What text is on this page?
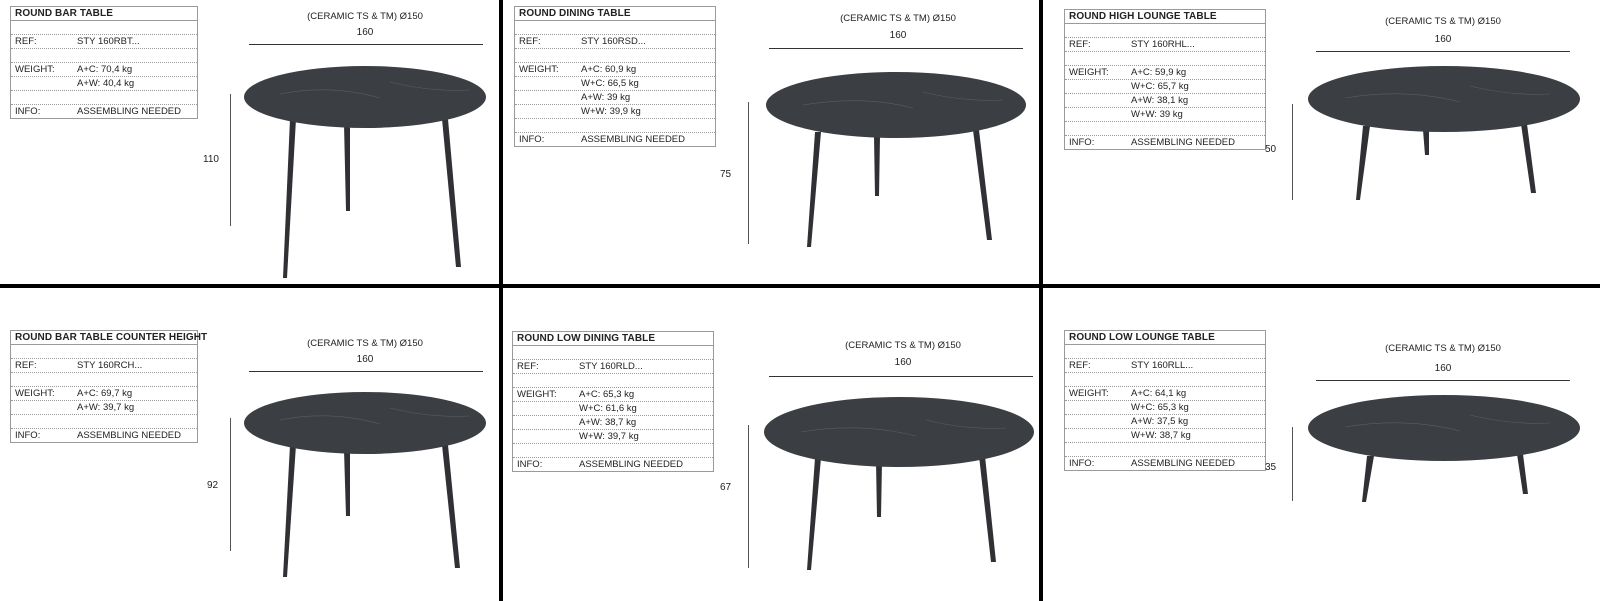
ROUND BAR TABLE
REF:	STY 160RBT...
WEIGHT:	A+C: 70,4 kg
A+W: 40,4 kg
INFO:	ASSEMBLING NEEDED
(CERAMIC TS & TM) Ø150
160
110
ROUND DINING TABLE
REF:	STY 160RSD...
WEIGHT:	A+C: 60,9 kg
W+C: 66,5 kg
A+W: 39 kg
W+W: 39,9 kg
INFO:	ASSEMBLING NEEDED
(CERAMIC TS & TM) Ø150
160
75
ROUND HIGH LOUNGE TABLE
REF:	STY 160RHL...
WEIGHT:	A+C: 59,9 kg
W+C: 65,7 kg
A+W: 38,1 kg
W+W: 39 kg
INFO:	ASSEMBLING NEEDED
(CERAMIC TS & TM) Ø150
160
50
ROUND BAR TABLE COUNTER HEIGHT
REF:	STY 160RCH...
WEIGHT:	A+C: 69,7 kg
A+W: 39,7 kg
INFO:	ASSEMBLING NEEDED
(CERAMIC TS & TM) Ø150
160
92
ROUND LOW DINING TABLE
REF:	STY 160RLD...
WEIGHT:	A+C: 65,3 kg
W+C: 61,6 kg
A+W: 38,7 kg
W+W: 39,7 kg
INFO:	ASSEMBLING NEEDED
(CERAMIC TS & TM) Ø150
160
67
ROUND LOW LOUNGE TABLE
REF:	STY 160RLL...
WEIGHT:	A+C: 64,1 kg
W+C: 65,3 kg
A+W: 37,5 kg
W+W: 38,7 kg
INFO:	ASSEMBLING NEEDED
(CERAMIC TS & TM) Ø150
160
35
